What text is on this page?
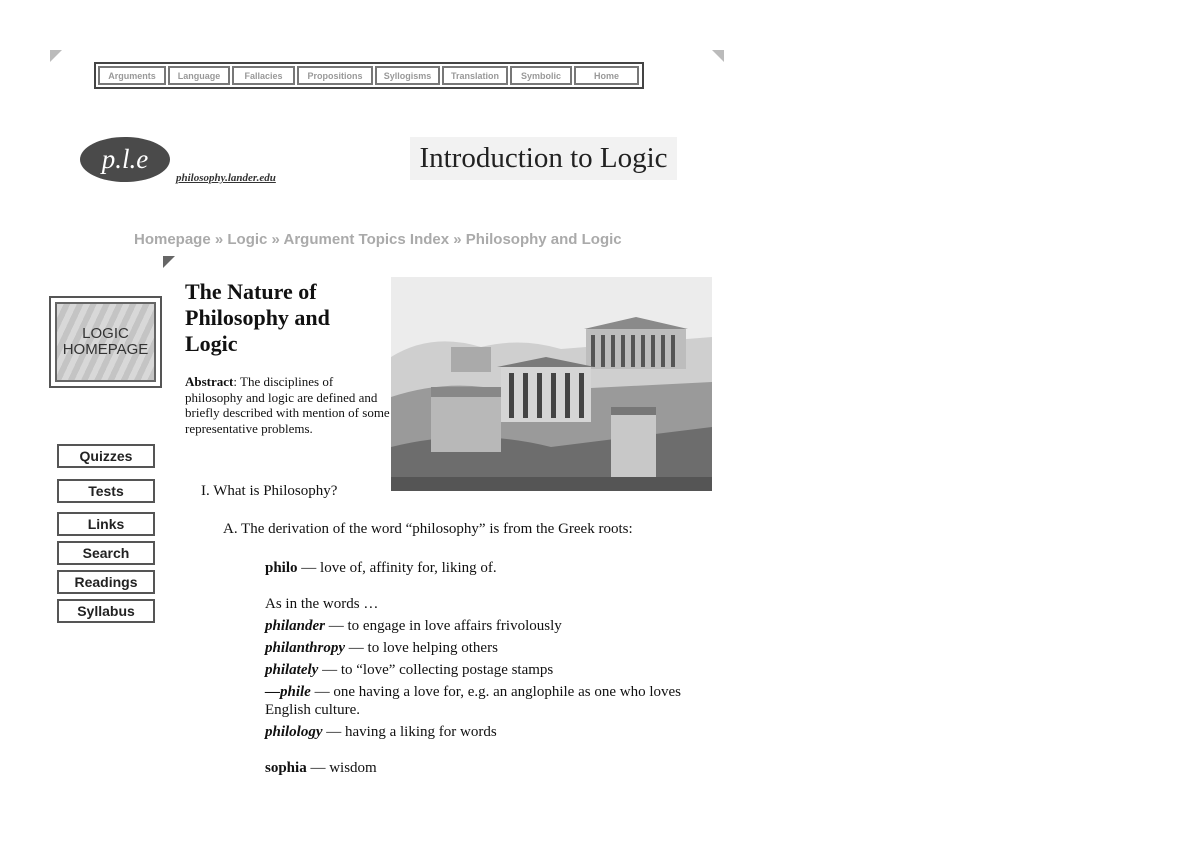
Arguments	Language	Fallacies	Propositions	Syllogisms	Translation	Symbolic	Home
p.l.e
philosophy.lander.edu
Introduction to Logic
Homepage » Logic » Argument Topics Index » Philosophy and Logic
LOGIC
HOMEPAGE
Quizzes
Tests
Links
Search
Readings
Syllabus
The Nature of Philosophy and Logic
Abstract: The disciplines of philosophy and logic are defined and briefly described with mention of some representative problems.
I. What is Philosophy?
A. The derivation of the word “philosophy” is from the Greek roots:

philo — love of, affinity for, liking of.

As in the words …

philander — to engage in love affairs frivolously

philanthropy — to love helping others

philately — to “love” collecting postage stamps

—phile — one having a love for, e.g. an anglophile as one who loves English culture.

philology — having a liking for words

sophia — wisdom
